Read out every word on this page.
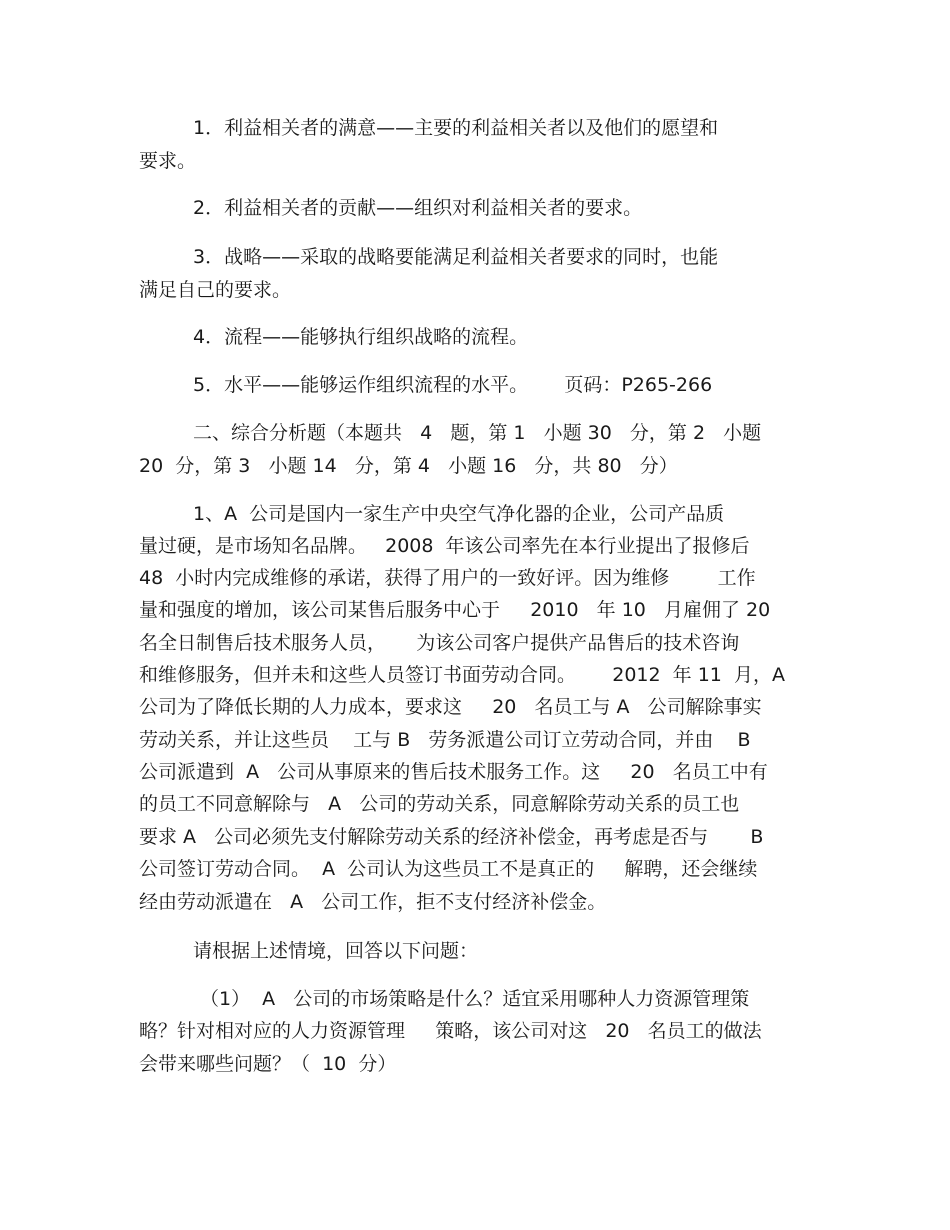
1．利益相关者的满意——主要的利益相关者以及他们的愿望和
要求。
2．利益相关者的贡献——组织对利益相关者的要求。
3．战略——采取的战略要能满足利益相关者要求的同时，也能
满足自己的要求。
4．流程——能够执行组织战略的流程。
5．水平——能够运作组织流程的水平。      页码：P265-266
二、综合分析题（本题共   4   题，第 1   小题 30   分，第 2   小题
20  分，第 3   小题 14   分，第 4   小题 16   分，共 80   分）
1、A  公司是国内一家生产中央空气净化器的企业，公司产品质
量过硬，是市场知名品牌。   2008  年该公司率先在本行业提出了报修后
48  小时内完成维修的承诺，获得了用户的一致好评。因为维修        工作
量和强度的增加，该公司某售后服务中心于     2010   年 10   月雇佣了 20
名全日制售后技术服务人员，     为该公司客户提供产品售后的技术咨询
和维修服务，但并未和这些人员签订书面劳动合同。      2012  年 11  月，A
公司为了降低长期的人力成本，要求这     20   名员工与 A   公司解除事实
劳动关系，并让这些员    工与 B   劳务派遣公司订立劳动合同，并由    B
公司派遣到  A   公司从事原来的售后技术服务工作。这     20   名员工中有
的员工不同意解除与   A   公司的劳动关系，同意解除劳动关系的员工也
要求 A   公司必须先支付解除劳动关系的经济补偿金，再考虑是否与       B
公司签订劳动合同。  A  公司认为这些员工不是真正的     解聘，还会继续
经由劳动派遣在   A   公司工作，拒不支付经济补偿金。
请根据上述情境，回答以下问题：
（1）  A   公司的市场策略是什么？适宜采用哪种人力资源管理策
略？针对相对应的人力资源管理     策略，该公司对这   20   名员工的做法
会带来哪些问题？（  10  分）
